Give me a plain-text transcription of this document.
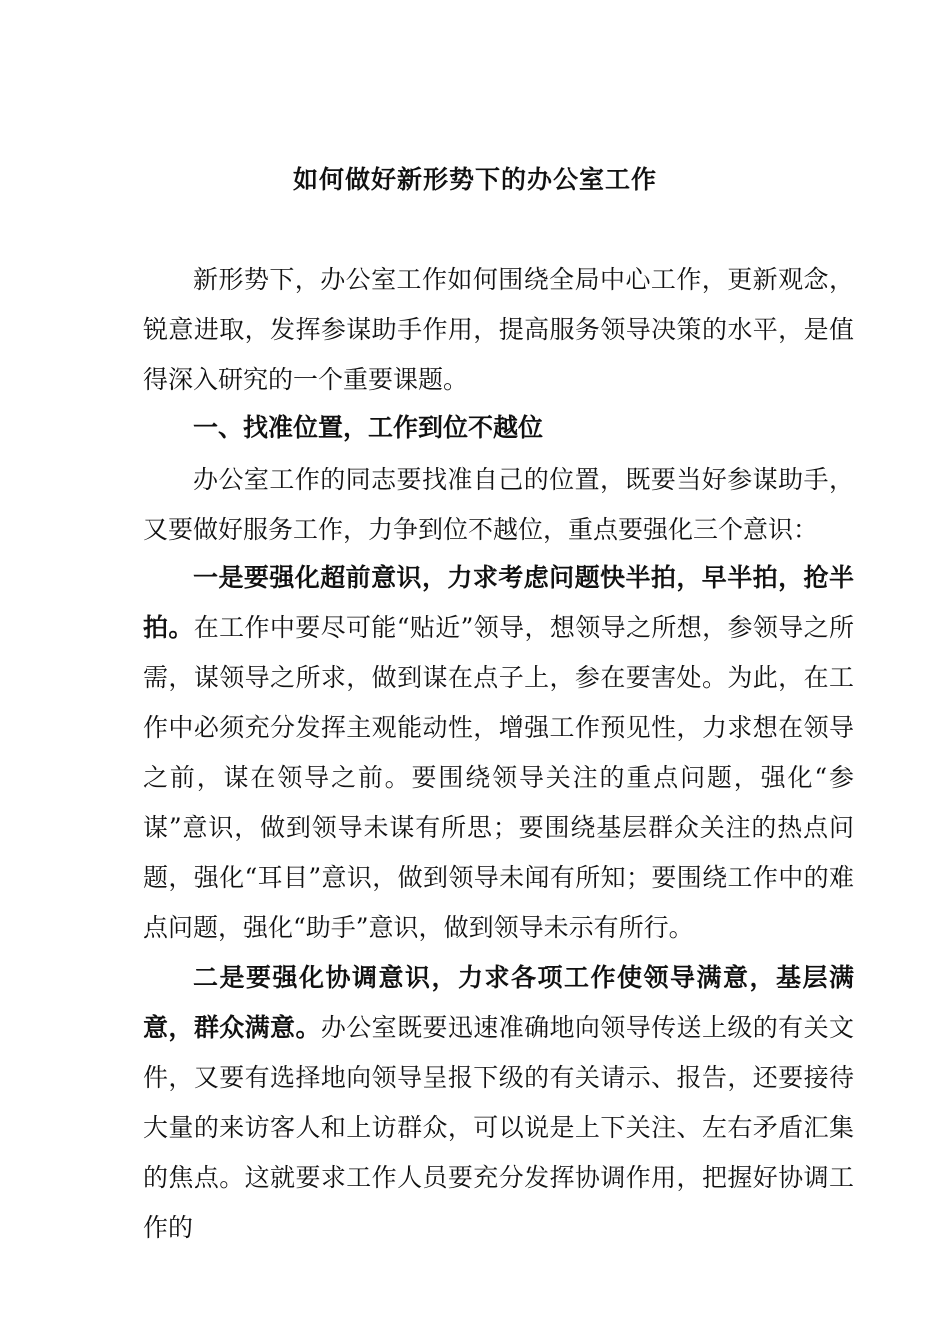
如何做好新形势下的办公室工作

新形势下，办公室工作如何围绕全局中心工作，更新观念，锐意进取，发挥参谋助手作用，提高服务领导决策的水平，是值得深入研究的一个重要课题。

一、找准位置，工作到位不越位

办公室工作的同志要找准自己的位置，既要当好参谋助手，又要做好服务工作，力争到位不越位，重点要强化三个意识：

一是要强化超前意识，力求考虑问题快半拍，早半拍，抢半拍。在工作中要尽可能“贴近”领导，想领导之所想，参领导之所需，谋领导之所求，做到谋在点子上，参在要害处。为此，在工作中必须充分发挥主观能动性，增强工作预见性，力求想在领导之前，谋在领导之前。要围绕领导关注的重点问题，强化“参谋”意识，做到领导未谋有所思；要围绕基层群众关注的热点问题，强化“耳目”意识，做到领导未闻有所知；要围绕工作中的难点问题，强化“助手”意识，做到领导未示有所行。

二是要强化协调意识，力求各项工作使领导满意，基层满意，群众满意。办公室既要迅速准确地向领导传送上级的有关文件，又要有选择地向领导呈报下级的有关请示、报告，还要接待大量的来访客人和上访群众，可以说是上下关注、左右矛盾汇集的焦点。这就要求工作人员要充分发挥协调作用，把握好协调工作的
